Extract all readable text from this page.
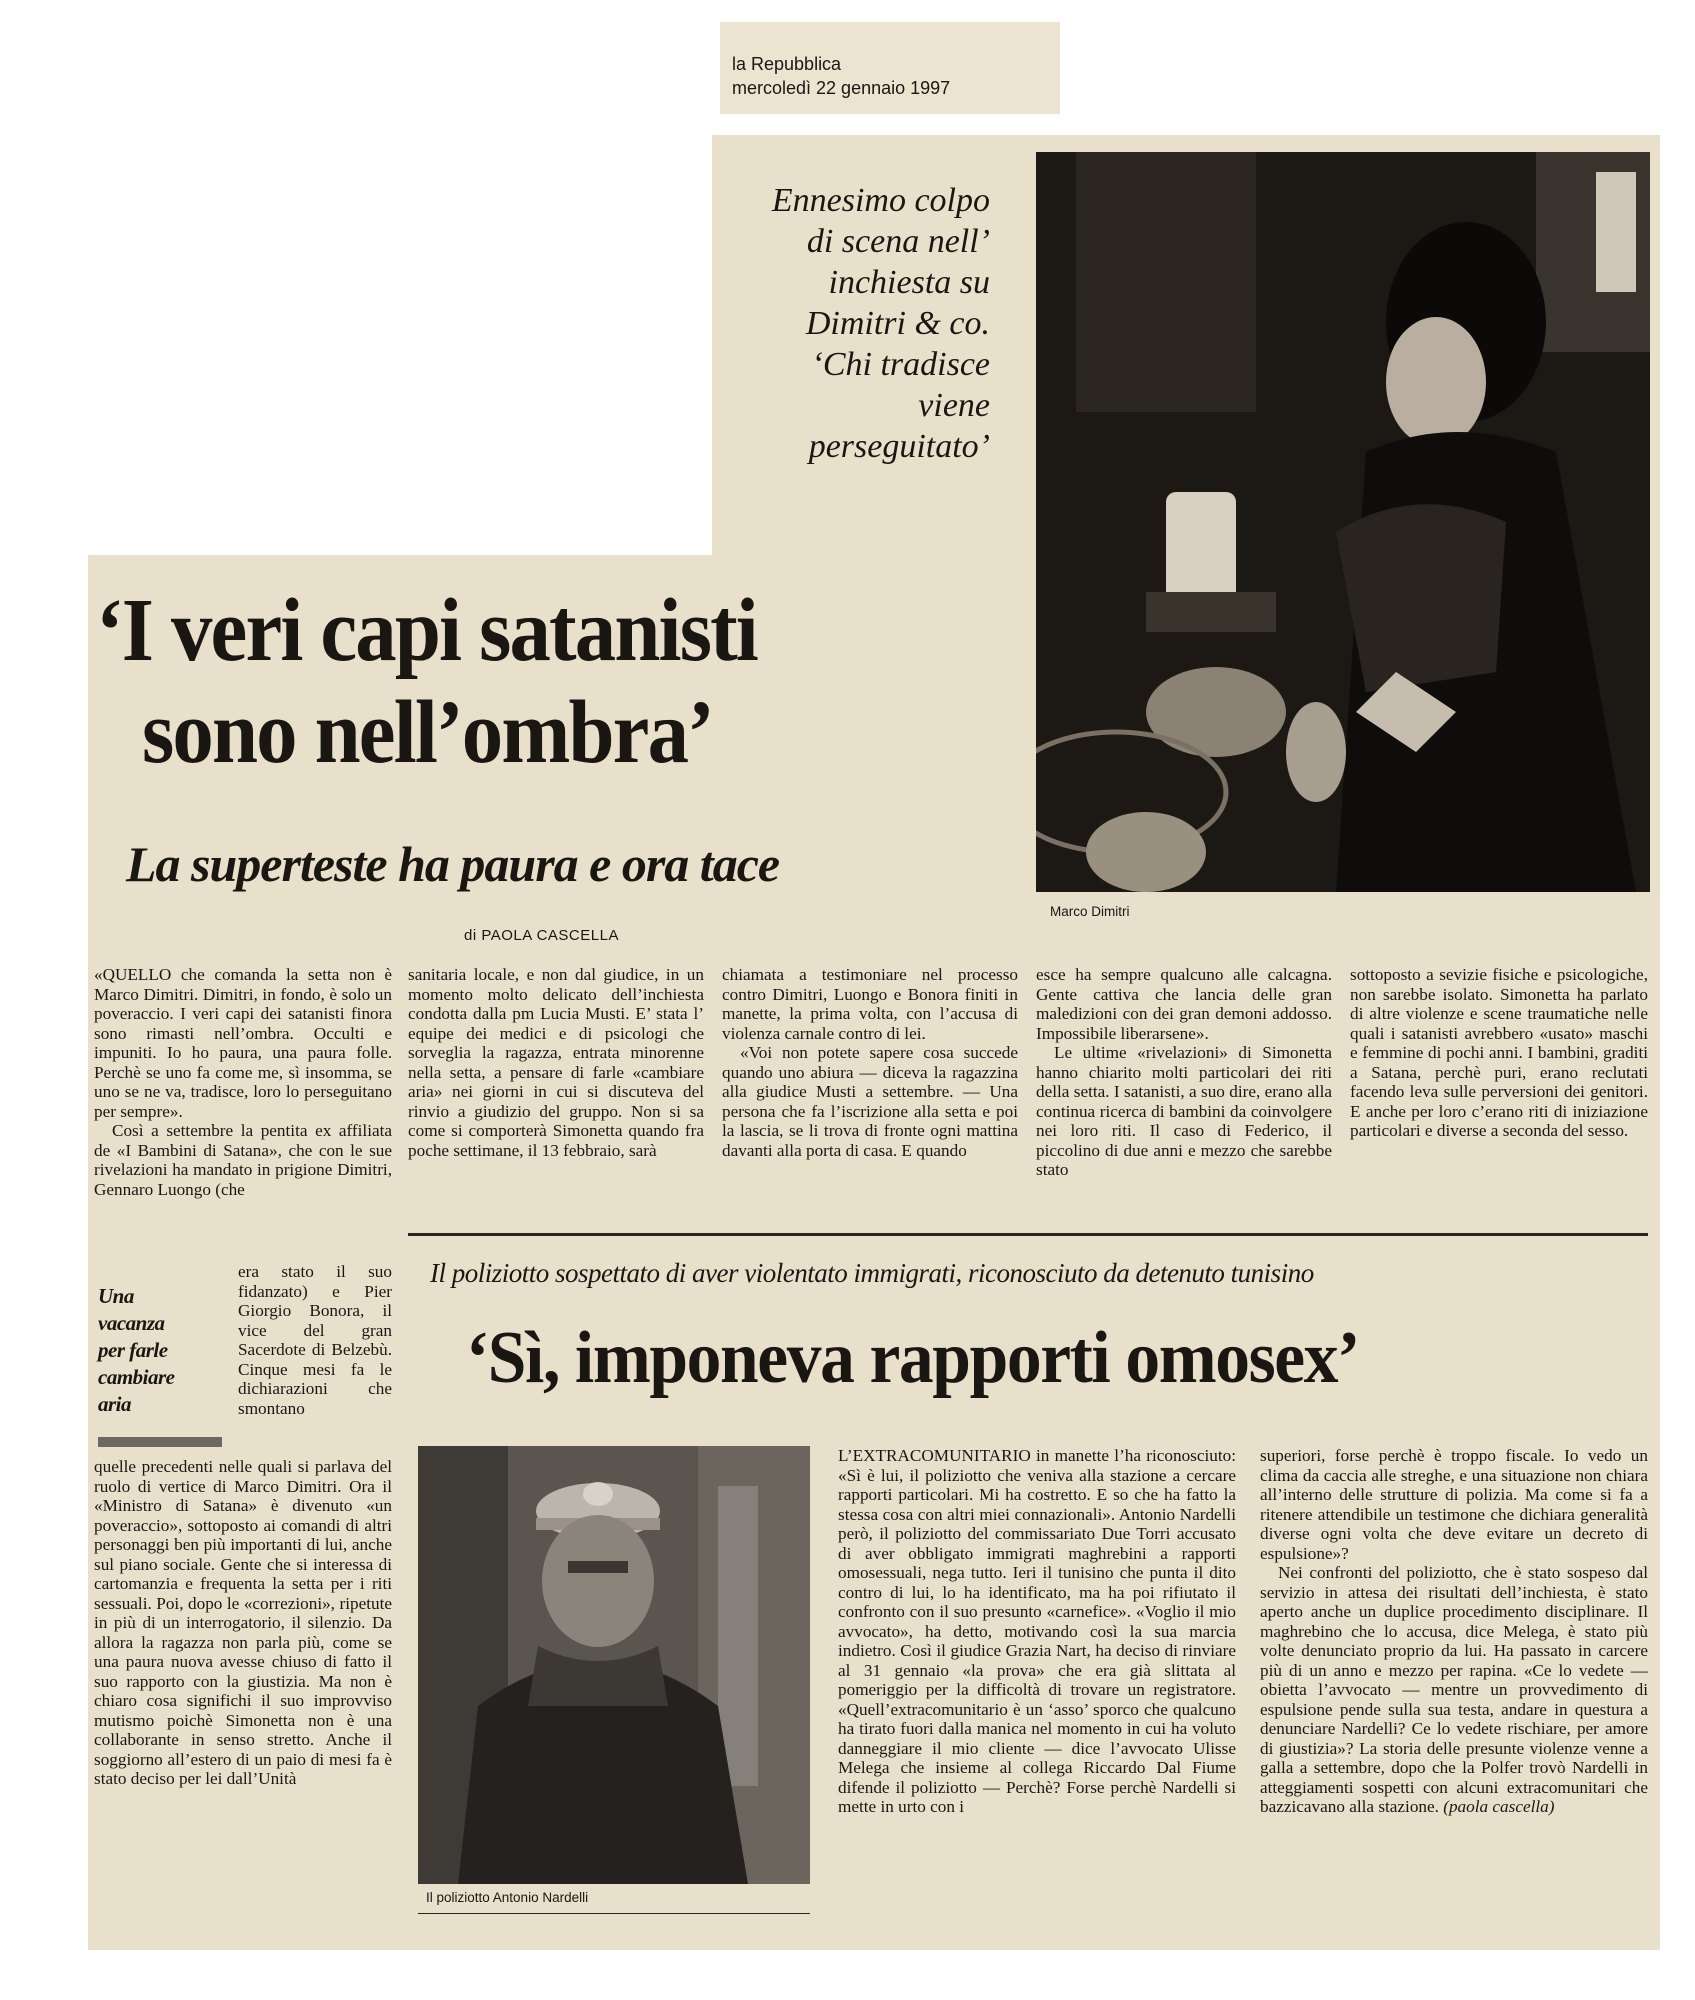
la Repubblica
mercoledì 22 gennaio 1997
Ennesimo colpo
di scena nell’
inchiesta su
Dimitri & co.
‘Chi tradisce
viene
perseguitato’
Marco Dimitri
‘I veri capi satanisti
sono nell’ombra’
La superteste ha paura e ora tace
di PAOLA CASCELLA

«QUELLO che comanda la setta non è Marco Dimitri. Dimitri, in fondo, è solo un poveraccio. I veri capi dei satanisti finora sono rimasti nell’ombra. Occulti e impuniti. Io ho paura, una paura folle. Perchè se uno fa come me, sì insomma, se uno se ne va, tradisce, loro lo perseguitano per sempre».

Così a settembre la pentita ex affiliata de «I Bambini di Satana», che con le sue rivelazioni ha mandato in prigione Dimitri, Gennaro Luongo (che

Una
vacanza
per farle
cambiare
aria

era stato il suo fidanzato) e Pier Giorgio Bonora, il vice del gran Sacerdote di Belzebù. Cinque mesi fa le dichiarazioni che smontano

quelle precedenti nelle quali si parlava del ruolo di vertice di Marco Dimitri. Ora il «Ministro di Satana» è divenuto «un poveraccio», sottoposto ai comandi di altri personaggi ben più importanti di lui, anche sul piano sociale. Gente che si interessa di cartomanzia e frequenta la setta per i riti sessuali. Poi, dopo le «correzioni», ripetute in più di un interrogatorio, il silenzio. Da allora la ragazza non parla più, come se una paura nuova avesse chiuso di fatto il suo rapporto con la giustizia. Ma non è chiaro cosa significhi il suo improvviso mutismo poichè Simonetta non è una collaborante in senso stretto. Anche il soggiorno all’estero di un paio di mesi fa è stato deciso per lei dall’Unità

sanitaria locale, e non dal giudice, in un momento molto delicato dell’inchiesta condotta dalla pm Lucia Musti. E’ stata l’ equipe dei medici e di psicologi che sorveglia la ragazza, entrata minorenne nella setta, a pensare di farle «cambiare aria» nei giorni in cui si discuteva del rinvio a giudizio del gruppo. Non si sa come si comporterà Simonetta quando fra poche settimane, il 13 febbraio, sarà

chiamata a testimoniare nel processo contro Dimitri, Luongo e Bonora finiti in manette, la prima volta, con l’accusa di violenza carnale contro di lei.

«Voi non potete sapere cosa succede quando uno abiura — diceva la ragazzina alla giudice Musti a settembre. — Una persona che fa l’iscrizione alla setta e poi la lascia, se li trova di fronte ogni mattina davanti alla porta di casa. E quando

esce ha sempre qualcuno alle calcagna. Gente cattiva che lancia delle gran maledizioni con dei gran demoni addosso. Impossibile liberarsene».

Le ultime «rivelazioni» di Simonetta hanno chiarito molti particolari dei riti della setta. I satanisti, a suo dire, erano alla continua ricerca di bambini da coinvolgere nei loro riti. Il caso di Federico, il piccolino di due anni e mezzo che sarebbe stato

sottoposto a sevizie fisiche e psicologiche, non sarebbe isolato. Simonetta ha parlato di altre violenze e scene traumatiche nelle quali i satanisti avrebbero «usato» maschi e femmine di pochi anni. I bambini, graditi a Satana, perchè puri, erano reclutati facendo leva sulle perversioni dei genitori. E anche per loro c’erano riti di iniziazione particolari e diverse a seconda del sesso.

Il poliziotto sospettato di aver violentato immigrati, riconosciuto da detenuto tunisino
‘Sì, imponeva rapporti omosex’
Il poliziotto Antonio Nardelli

L’EXTRACOMUNITARIO in manette l’ha riconosciuto: «Sì è lui, il poliziotto che veniva alla stazione a cercare rapporti particolari. Mi ha costretto. E so che ha fatto la stessa cosa con altri miei connazionali». Antonio Nardelli però, il poliziotto del commissariato Due Torri accusato di aver obbligato immigrati maghrebini a rapporti omosessuali, nega tutto. Ieri il tunisino che punta il dito contro di lui, lo ha identificato, ma ha poi rifiutato il confronto con il suo presunto «carnefice». «Voglio il mio avvocato», ha detto, motivando così la sua marcia indietro. Così il giudice Grazia Nart, ha deciso di rinviare al 31 gennaio «la prova» che era già slittata al pomeriggio per la difficoltà di trovare un registratore. «Quell’extracomunitario è un ‘asso’ sporco che qualcuno ha tirato fuori dalla manica nel momento in cui ha voluto danneggiare il mio cliente — dice l’avvocato Ulisse Melega che insieme al collega Riccardo Dal Fiume difende il poliziotto — Perchè? Forse perchè Nardelli si mette in urto con i

superiori, forse perchè è troppo fiscale. Io vedo un clima da caccia alle streghe, e una situazione non chiara all’interno delle strutture di polizia. Ma come si fa a ritenere attendibile un testimone che dichiara generalità diverse ogni volta che deve evitare un decreto di espulsione»?

Nei confronti del poliziotto, che è stato sospeso dal servizio in attesa dei risultati dell’inchiesta, è stato aperto anche un duplice procedimento disciplinare. Il maghrebino che lo accusa, dice Melega, è stato più volte denunciato proprio da lui. Ha passato in carcere più di un anno e mezzo per rapina. «Ce lo vedete — obietta l’avvocato — mentre un provvedimento di espulsione pende sulla sua testa, andare in questura a denunciare Nardelli? Ce lo vedete rischiare, per amore di giustizia»? La storia delle presunte violenze venne a galla a settembre, dopo che la Polfer trovò Nardelli in atteggiamenti sospetti con alcuni extracomunitari che bazzicavano alla stazione. (paola cascella)
